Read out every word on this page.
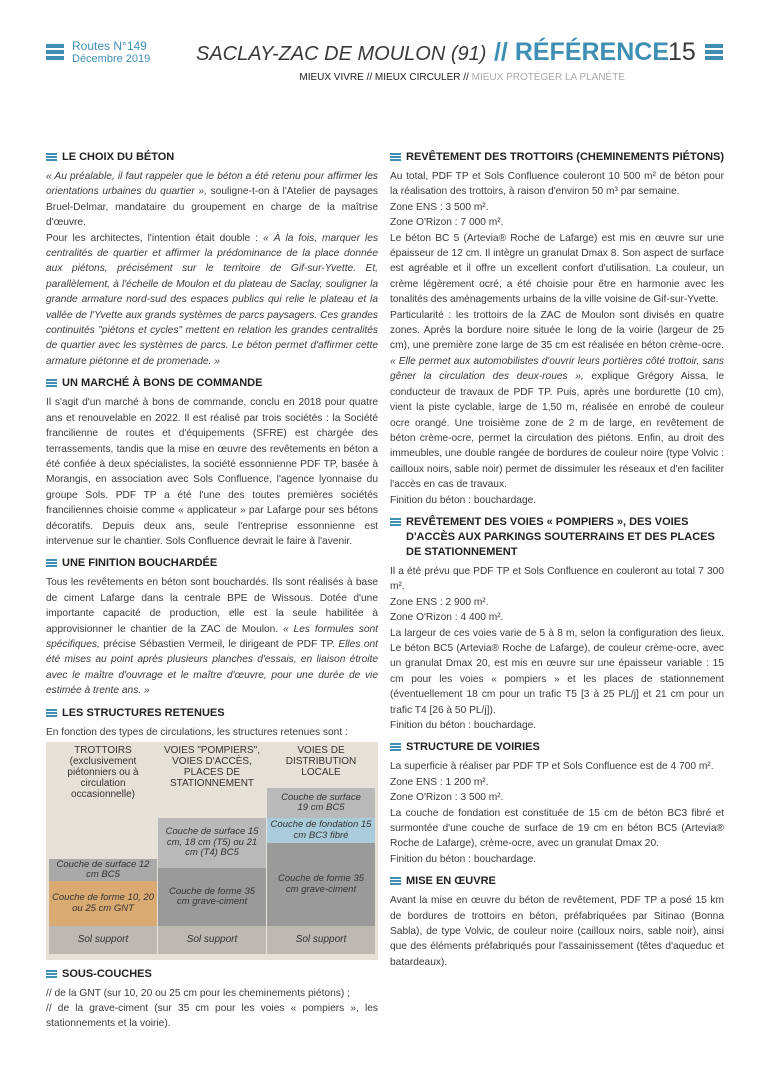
Routes N°149
Décembre 2019 SACLAY-ZAC DE MOULON (91) // RÉFÉRENCE
15
MIEUX VIVRE // MIEUX CIRCULER // MIEUX PROTÉGER LA PLANÈTE
LE CHOIX DU BÉTON

« Au préalable, il faut rappeler que le béton a été retenu pour affirmer les orientations urbaines du quartier », souligne-t-on à l'Atelier de paysages Bruel-Delmar, mandataire du groupement en charge de la maîtrise d'œuvre.

Pour les architectes, l'intention était double : « À la fois, marquer les centralités de quartier et affirmer la prédominance de la place donnée aux piétons, précisément sur le territoire de Gif-sur-Yvette. Et, parallèlement, à l'échelle de Moulon et du plateau de Saclay, souligner la grande armature nord-sud des espaces publics qui relie le plateau et la vallée de l'Yvette aux grands systèmes de parcs paysagers. Ces grandes continuités "piétons et cycles" mettent en relation les grandes centralités de quartier avec les systèmes de parcs. Le béton permet d'affirmer cette armature piétonne et de promenade. »

UN MARCHÉ À BONS DE COMMANDE

Il s'agit d'un marché à bons de commande, conclu en 2018 pour quatre ans et renouvelable en 2022. Il est réalisé par trois sociétés : la Société francilienne de routes et d'équipements (SFRE) est chargée des terrassements, tandis que la mise en œuvre des revêtements en béton a été confiée à deux spécialistes, la société essonnienne PDF TP, basée à Morangis, en association avec Sols Confluence, l'agence lyonnaise du groupe Sols. PDF TP a été l'une des toutes premières sociétés franciliennes choisie comme « applicateur » par Lafarge pour ses bétons décoratifs. Depuis deux ans, seule l'entreprise essonnienne est intervenue sur le chantier. Sols Confluence devrait le faire à l'avenir.

UNE FINITION BOUCHARDÉE

Tous les revêtements en béton sont bouchardés. Ils sont réalisés à base de ciment Lafarge dans la centrale BPE de Wissous. Dotée d'une importante capacité de production, elle est la seule habilitée à approvisionner le chantier de la ZAC de Moulon. « Les formules sont spécifiques, précise Sébastien Vermeil, le dirigeant de PDF TP. Elles ont été mises au point après plusieurs planches d'essais, en liaison étroite avec le maître d'ouvrage et le maître d'œuvre, pour une durée de vie estimée à trente ans. »

LES STRUCTURES RETENUES

En fonction des types de circulations, les structures retenues sont :

TROTTOIRS (exclusivement piétonniers ou à circulation occasionnelle)
Couche de surface 12 cm BC5
Couche de forme 10, 20 ou 25 cm GNT
Sol support
VOIES "POMPIERS", VOIES D'ACCÈS, PLACES DE STATIONNEMENT
Couche de surface 15 cm, 18 cm (T5) ou 21 cm (T4) BC5
Couche de forme 35 cm grave-ciment
Sol support
VOIES DE DISTRIBUTION LOCALE
Couche de surface 19 cm BC5
Couche de fondation 15 cm BC3 fibré
Couche de forme 35 cm grave-ciment
Sol support
SOUS-COUCHES

// de la GNT (sur 10, 20 ou 25 cm pour les cheminements piétons) ;

// de la grave-ciment (sur 35 cm pour les voies « pompiers », les stationnements et la voirie).

REVÊTEMENT DES TROTTOIRS (CHEMINEMENTS PIÉTONS)

Au total, PDF TP et Sols Confluence couleront 10 500 m² de béton pour la réalisation des trottoirs, à raison d'environ 50 m³ par semaine.

Zone ENS : 3 500 m².

Zone O'Rizon : 7 000 m².

Le béton BC 5 (Artevia® Roche de Lafarge) est mis en œuvre sur une épaisseur de 12 cm. Il intègre un granulat Dmax 8. Son aspect de surface est agréable et il offre un excellent confort d'utilisation. La couleur, un crème légèrement ocré, a été choisie pour être en harmonie avec les tonalités des aménagements urbains de la ville voisine de Gif-sur-Yvette.

Particularité : les trottoirs de la ZAC de Moulon sont divisés en quatre zones. Après la bordure noire située le long de la voirie (largeur de 25 cm), une première zone large de 35 cm est réalisée en béton crème-ocre. « Elle permet aux automobilistes d'ouvrir leurs portières côté trottoir, sans gêner la circulation des deux-roues », explique Grégory Aissa, le conducteur de travaux de PDF TP. Puis, après une bordurette (10 cm), vient la piste cyclable, large de 1,50 m, réalisée en enrobé de couleur ocre orangé. Une troisième zone de 2 m de large, en revêtement de béton crème-ocre, permet la circulation des piétons. Enfin, au droit des immeubles, une double rangée de bordures de couleur noire (type Volvic : cailloux noirs, sable noir) permet de dissimuler les réseaux et d'en faciliter l'accès en cas de travaux.

Finition du béton : bouchardage.

REVÊTEMENT DES VOIES « POMPIERS », DES VOIES D'ACCÈS AUX PARKINGS SOUTERRAINS ET DES PLACES DE STATIONNEMENT

Il a été prévu que PDF TP et Sols Confluence en couleront au total 7 300 m².

Zone ENS : 2 900 m².

Zone O'Rizon : 4 400 m².

La largeur de ces voies varie de 5 à 8 m, selon la configuration des lieux. Le béton BC5 (Artevia® Roche de Lafarge), de couleur crème-ocre, avec un granulat Dmax 20, est mis en œuvre sur une épaisseur variable : 15 cm pour les voies « pompiers » et les places de stationnement (éventuellement 18 cm pour un trafic T5 [3 à 25 PL/j] et 21 cm pour un trafic T4 [26 à 50 PL/j]).

Finition du béton : bouchardage.

STRUCTURE DE VOIRIES

La superficie à réaliser par PDF TP et Sols Confluence est de 4 700 m².

Zone ENS : 1 200 m².

Zone O'Rizon : 3 500 m².

La couche de fondation est constituée de 15 cm de béton BC3 fibré et surmontée d'une couche de surface de 19 cm en béton BC5 (Artevia® Roche de Lafarge), crème-ocre, avec un granulat Dmax 20.

Finition du béton : bouchardage.

MISE EN ŒUVRE

Avant la mise en œuvre du béton de revêtement, PDF TP a posé 15 km de bordures de trottoirs en béton, préfabriquées par Sitinao (Bonna Sabla), de type Volvic, de couleur noire (cailloux noirs, sable noir), ainsi que des éléments préfabriqués pour l'assainissement (têtes d'aqueduc et batardeaux).
